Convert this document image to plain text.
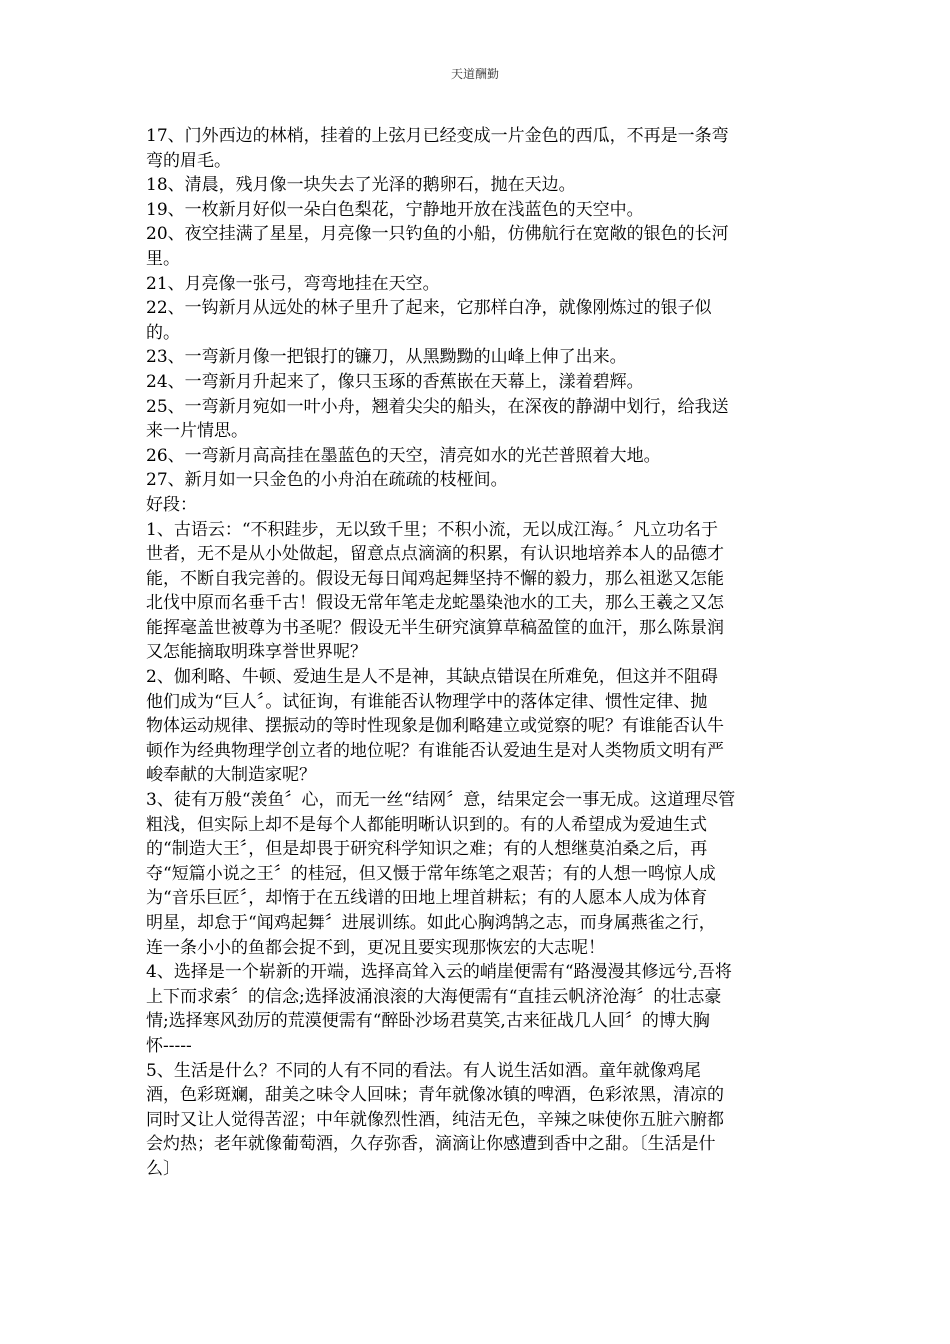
天道酬勤
17、门外西边的林梢，挂着的上弦月已经变成一片金色的西瓜，不再是一条弯
弯的眉毛。
18、清晨，残月像一块失去了光泽的鹅卵石，抛在天边。
19、一枚新月好似一朵白色梨花，宁静地开放在浅蓝色的天空中。
20、夜空挂满了星星，月亮像一只钓鱼的小船，仿佛航行在宽敞的银色的长河
里。
21、月亮像一张弓，弯弯地挂在天空。
22、一钩新月从远处的林子里升了起来，它那样白净，就像刚炼过的银子似
的。
23、一弯新月像一把银打的镰刀，从黑黝黝的山峰上伸了出来。
24、一弯新月升起来了，像只玉琢的香蕉嵌在天幕上，漾着碧辉。
25、一弯新月宛如一叶小舟，翘着尖尖的船头，在深夜的静湖中划行，给我送
来一片情思。
26、一弯新月高高挂在墨蓝色的天空，清亮如水的光芒普照着大地。
27、新月如一只金色的小舟泊在疏疏的枝桠间。
好段：
1、古语云：“不积跬步，无以致千里；不积小流，无以成江海。〞凡立功名于
世者，无不是从小处做起，留意点点滴滴的积累，有认识地培养本人的品德才
能，不断自我完善的。假设无每日闻鸡起舞坚持不懈的毅力，那么祖逖又怎能
北伐中原而名垂千古！假设无常年笔走龙蛇墨染池水的工夫，那么王羲之又怎
能挥毫盖世被尊为书圣呢？假设无半生研究演算草稿盈筐的血汗，那么陈景润
又怎能摘取明珠享誉世界呢？
2、伽利略、牛顿、爱迪生是人不是神，其缺点错误在所难免，但这并不阻碍
他们成为“巨人〞。试征询，有谁能否认物理学中的落体定律、惯性定律、抛
物体运动规律、摆振动的等时性现象是伽利略建立或觉察的呢？有谁能否认牛
顿作为经典物理学创立者的地位呢？有谁能否认爱迪生是对人类物质文明有严
峻奉献的大制造家呢？
3、徒有万般“羡鱼〞心，而无一丝“结网〞意，结果定会一事无成。这道理尽管
粗浅，但实际上却不是每个人都能明晰认识到的。有的人希望成为爱迪生式
的“制造大王〞，但是却畏于研究科学知识之难；有的人想继莫泊桑之后，再
夺“短篇小说之王〞的桂冠，但又慑于常年练笔之艰苦；有的人想一鸣惊人成
为“音乐巨匠〞，却惰于在五线谱的田地上埋首耕耘；有的人愿本人成为体育
明星，却怠于“闻鸡起舞〞进展训练。如此心胸鸿鹄之志，而身属燕雀之行，
连一条小小的鱼都会捉不到，更况且要实现那恢宏的大志呢！
4、选择是一个崭新的开端，选择高耸入云的峭崖便需有“路漫漫其修远兮,吾将
上下而求索〞的信念;选择波涌浪滚的大海便需有“直挂云帆济沧海〞的壮志豪
情;选择寒风劲厉的荒漠便需有“醉卧沙场君莫笑,古来征战几人回〞的博大胸
怀-----
5、生活是什么？不同的人有不同的看法。有人说生活如酒。童年就像鸡尾
酒，色彩斑斓，甜美之味令人回味；青年就像冰镇的啤酒，色彩浓黑，清凉的
同时又让人觉得苦涩；中年就像烈性酒，纯洁无色，辛辣之味使你五脏六腑都
会灼热；老年就像葡萄酒，久存弥香，滴滴让你感遭到香中之甜。〔生活是什
么〕
